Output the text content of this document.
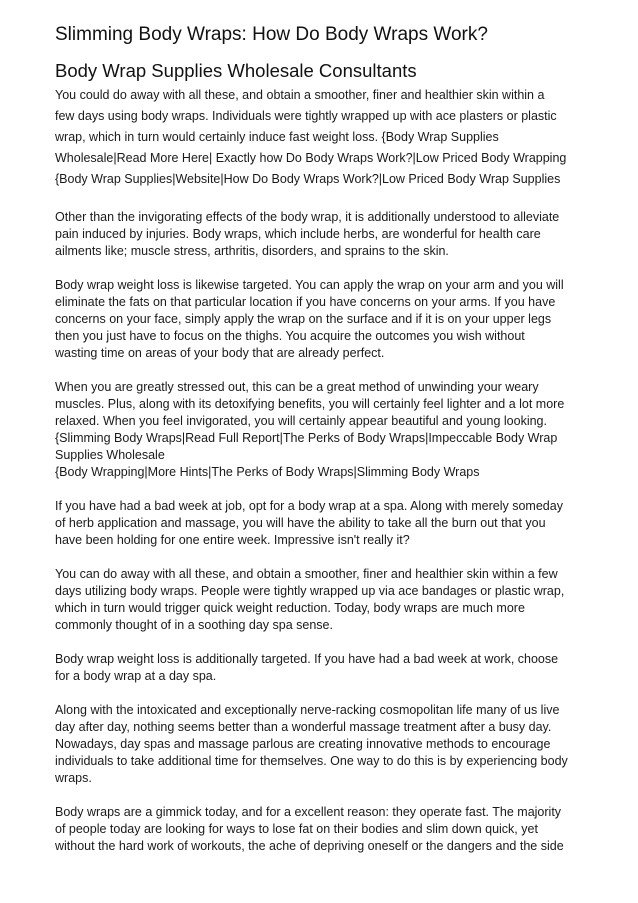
Slimming Body Wraps: How Do Body Wraps Work?
Body Wrap Supplies Wholesale Consultants
You could do away with all these, and obtain a smoother, finer and healthier skin within a
few days using body wraps. Individuals were tightly wrapped up with ace plasters or plastic
wrap, which in turn would certainly induce fast weight loss. {Body Wrap Supplies
Wholesale|Read More Here| Exactly how Do Body Wraps Work?|Low Priced Body Wrapping
{Body Wrap Supplies|Website|How Do Body Wraps Work?|Low Priced Body Wrap Supplies
Other than the invigorating effects of the body wrap, it is additionally understood to alleviate
pain induced by injuries. Body wraps, which include herbs, are wonderful for health care
ailments like; muscle stress, arthritis, disorders, and sprains to the skin.
Body wrap weight loss is likewise targeted. You can apply the wrap on your arm and you will
eliminate the fats on that particular location if you have concerns on your arms. If you have
concerns on your face, simply apply the wrap on the surface and if it is on your upper legs
then you just have to focus on the thighs. You acquire the outcomes you wish without
wasting time on areas of your body that are already perfect.
When you are greatly stressed out, this can be a great method of unwinding your weary
muscles. Plus, along with its detoxifying benefits, you will certainly feel lighter and a lot more
relaxed. When you feel invigorated, you will certainly appear beautiful and young looking.
{Slimming Body Wraps|Read Full Report|The Perks of Body Wraps|Impeccable Body Wrap
Supplies Wholesale
{Body Wrapping|More Hints|The Perks of Body Wraps|Slimming Body Wraps
If you have had a bad week at job, opt for a body wrap at a spa. Along with merely someday
of herb application and massage, you will have the ability to take all the burn out that you
have been holding for one entire week. Impressive isn't really it?
You can do away with all these, and obtain a smoother, finer and healthier skin within a few
days utilizing body wraps. People were tightly wrapped up via ace bandages or plastic wrap,
which in turn would trigger quick weight reduction. Today, body wraps are much more
commonly thought of in a soothing day spa sense.
Body wrap weight loss is additionally targeted. If you have had a bad week at work, choose
for a body wrap at a day spa.
Along with the intoxicated and exceptionally nerve-racking cosmopolitan life many of us live
day after day, nothing seems better than a wonderful massage treatment after a busy day.
Nowadays, day spas and massage parlous are creating innovative methods to encourage
individuals to take additional time for themselves. One way to do this is by experiencing body
wraps.
Body wraps are a gimmick today, and for a excellent reason: they operate fast. The majority
of people today are looking for ways to lose fat on their bodies and slim down quick, yet
without the hard work of workouts, the ache of depriving oneself or the dangers and the side
